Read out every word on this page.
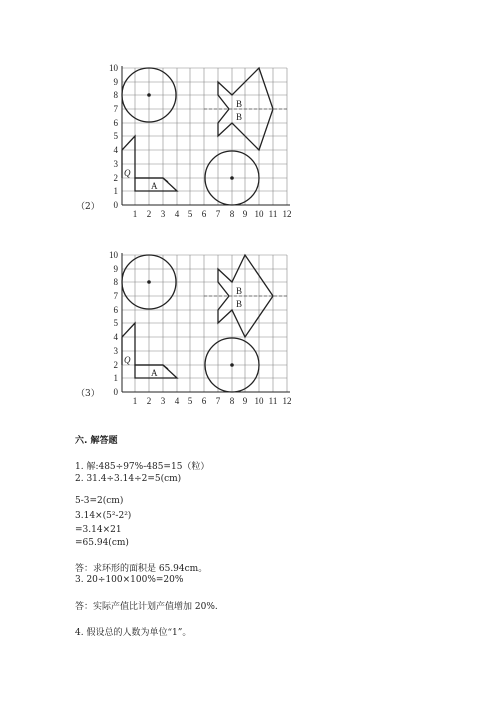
10
9
8
7
6
5
4
3
2
1
0
1 2 3 4 5 6 7 8 9 10 11 12
A
Q
B
B
（2）
10
9
8
7
6
5
4
3
2
1
0
1 2 3 4 5 6 7 8 9 10 11 12
A
Q
B
B
（3）
六. 解答题
1. 解:485÷97%-485=15（粒）
2. 31.4÷3.14÷2=5(cm)
5-3=2(cm)
3.14×(5²-2²)
=3.14×21
=65.94(cm)
答：求环形的面积是 65.94cm。
3. 20÷100×100%=20%
答：实际产值比计划产值增加 20%.
4. 假设总的人数为单位“1”。
